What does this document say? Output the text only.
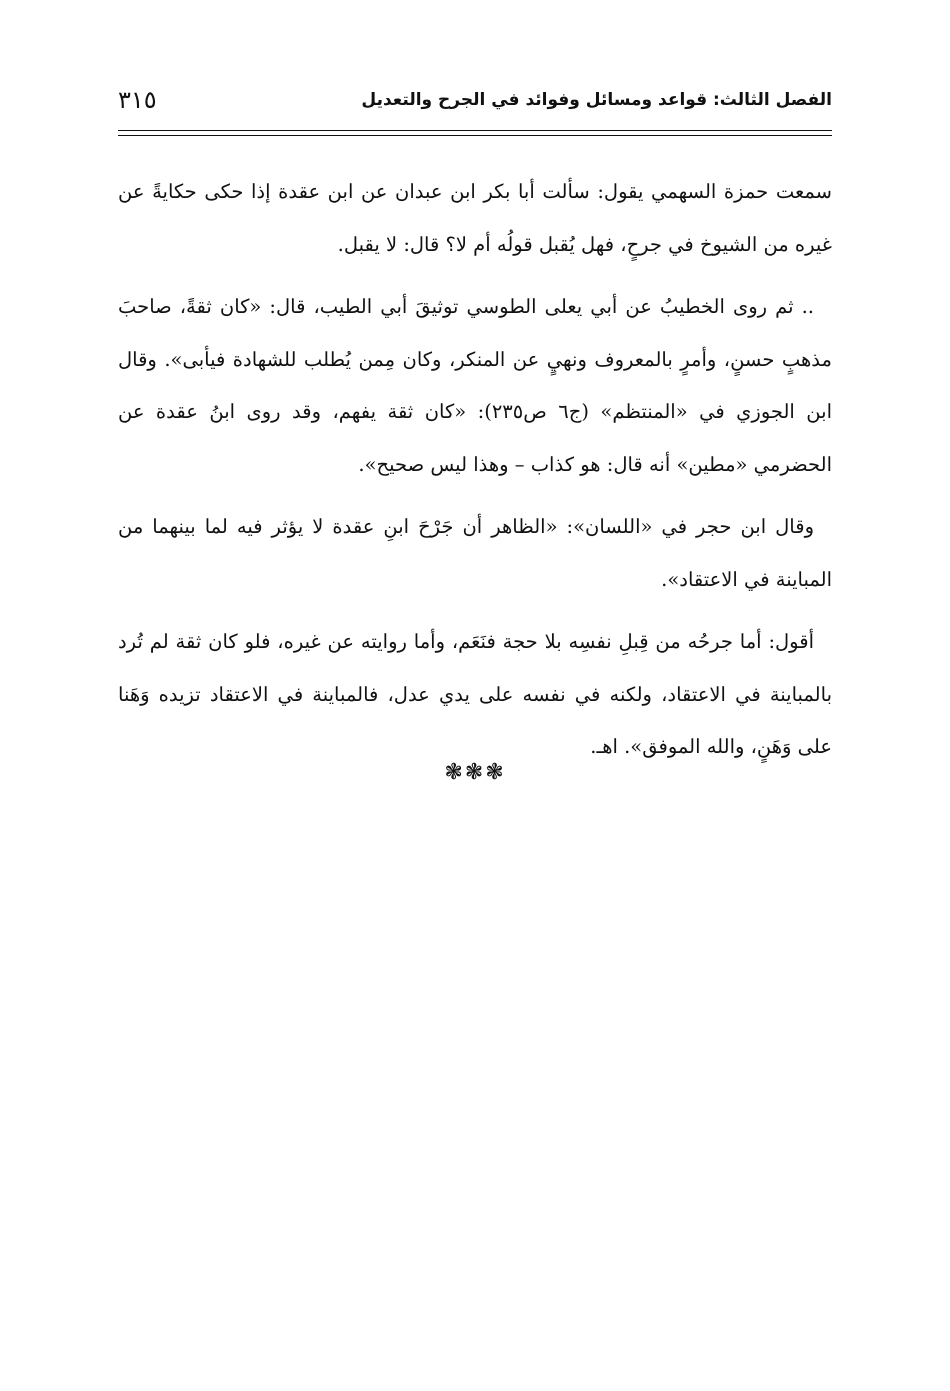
الفصل الثالث: قواعد ومسائل وفوائد في الجرح والتعديل
٣١٥

سمعت حمزة السهمي يقول: سألت أبا بكر ابن عبدان عن ابن عقدة إذا حكى حكايةً عن غيره من الشيوخ في جرحٍ، فهل يُقبل قولُه أم لا؟ قال: لا يقبل.

.. ثم روى الخطيبُ عن أبي يعلى الطوسي توثيقَ أبي الطيب، قال: «كان ثقةً، صاحبَ مذهبٍ حسنٍ، وأمرٍ بالمعروف ونهيٍ عن المنكر، وكان مِمن يُطلب للشهادة فيأبى». وقال ابن الجوزي في «المنتظم» (ج٦ ص٢٣٥): «كان ثقة يفهم، وقد روى ابنُ عقدة عن الحضرمي «مطين» أنه قال: هو كذاب – وهذا ليس صحيح».

وقال ابن حجر في «اللسان»: «الظاهر أن جَرْحَ ابنِ عقدة لا يؤثر فيه لما بينهما من المباينة في الاعتقاد».

أقول: أما جرحُه من قِبلِ نفسِه بلا حجة فنَعَم، وأما روايته عن غيره، فلو كان ثقة لم تُرد بالمباينة في الاعتقاد، ولكنه في نفسه على يدي عدل، فالمباينة في الاعتقاد تزيده وَهَنا على وَهَنٍ، والله الموفق». اهـ.

❃❃❃
